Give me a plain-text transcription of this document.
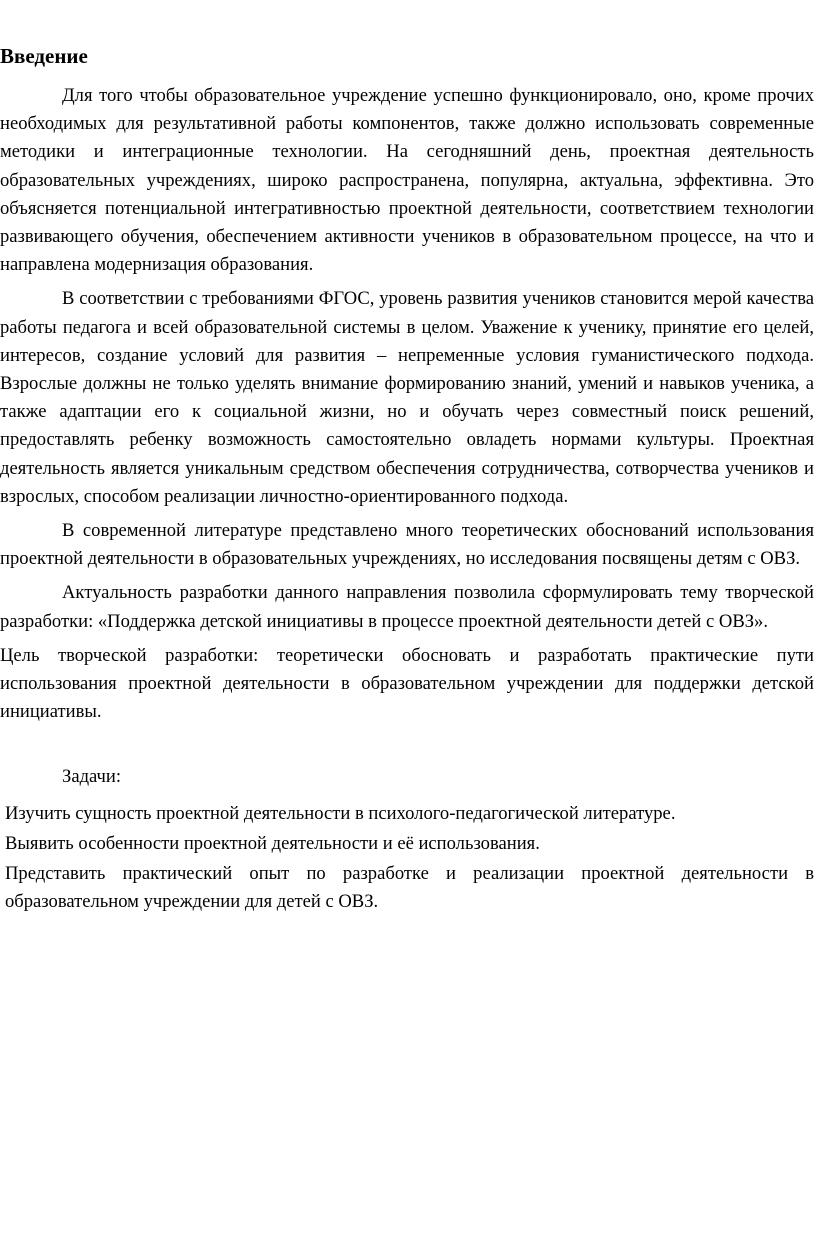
Введение

Для того чтобы образовательное учреждение успешно функционировало, оно, кроме прочих необходимых для результативной работы компонентов, также должно использовать современные методики и интеграционные технологии. На сегодняшний день, проектная деятельность образовательных учреждениях, широко распространена, популярна, актуальна, эффективна. Это объясняется потенциальной интегративностью проектной деятельности, соответствием технологии развивающего обучения, обеспечением активности учеников в образовательном процессе, на что и направлена модернизация образования.

В соответствии с требованиями ФГОС, уровень развития учеников становится мерой качества работы педагога и всей образовательной системы в целом. Уважение к ученику, принятие его целей, интересов, создание условий для развития – непременные условия гуманистического подхода. Взрослые должны не только уделять внимание формированию знаний, умений и навыков ученика, а также адаптации его к социальной жизни, но и обучать через совместный поиск решений, предоставлять ребенку возможность самостоятельно овладеть нормами культуры. Проектная деятельность является уникальным средством обеспечения сотрудничества, сотворчества учеников и взрослых, способом реализации личностно-ориентированного подхода.

В современной литературе представлено много теоретических обоснований использования проектной деятельности в образовательных учреждениях, но исследования посвящены детям с ОВЗ.

Актуальность разработки данного направления позволила сформулировать тему творческой разработки: «Поддержка детской инициативы в процессе проектной деятельности детей с ОВЗ».

Цель творческой разработки: теоретически обосновать и разработать практические пути использования проектной деятельности в образовательном учреждении для поддержки детской инициативы.

Задачи:

Изучить сущность проектной деятельности в психолого-педагогической литературе.

Выявить особенности проектной деятельности и её использования.

Представить практический опыт по разработке и реализации проектной деятельности в образовательном учреждении для детей с ОВЗ.
